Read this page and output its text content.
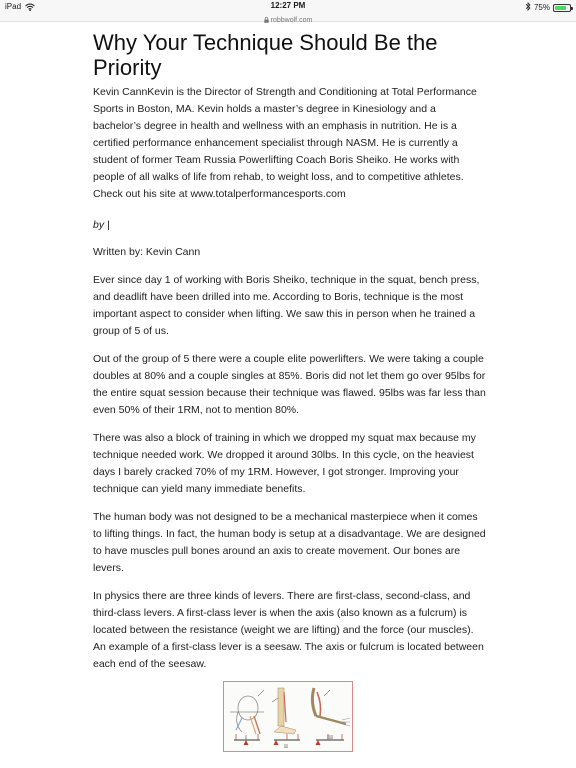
iPad	12:27 PM
robbwolf.com
75%
Why Your Technique Should Be the Priority

Kevin CannKevin is the Director of Strength and Conditioning at Total Performance Sports in Boston, MA. Kevin holds a master’s degree in Kinesiology and a bachelor’s degree in health and wellness with an emphasis in nutrition. He is a certified performance enhancement specialist through NASM. He is currently a student of former Team Russia Powerlifting Coach Boris Sheiko. He works with people of all walks of life from rehab, to weight loss, and to competitive athletes. Check out his site at www.totalperformancesports.com

by |

Written by: Kevin Cann

Ever since day 1 of working with Boris Sheiko, technique in the squat, bench press, and deadlift have been drilled into me. According to Boris, technique is the most important aspect to consider when lifting. We saw this in person when he trained a group of 5 of us.

Out of the group of 5 there were a couple elite powerlifters. We were taking a couple doubles at 80% and a couple singles at 85%. Boris did not let them go over 95lbs for the entire squat session because their technique was flawed. 95lbs was far less than even 50% of their 1RM, not to mention 80%.

There was also a block of training in which we dropped my squat max because my technique needed work. We dropped it around 30lbs. In this cycle, on the heaviest days I barely cracked 70% of my 1RM. However, I got stronger. Improving your technique can yield many immediate benefits.

The human body was not designed to be a mechanical masterpiece when it comes to lifting things. In fact, the human body is setup at a disadvantage. We are designed to have muscles pull bones around an axis to create movement. Our bones are levers.

In physics there are three kinds of levers. There are first-class, second-class, and third-class levers. A first-class lever is when the axis (also known as a fulcrum) is located between the resistance (weight we are lifting) and the force (our muscles). An example of a first-class lever is a seesaw. The axis or fulcrum is located between each end of the seesaw.

I
II
III
